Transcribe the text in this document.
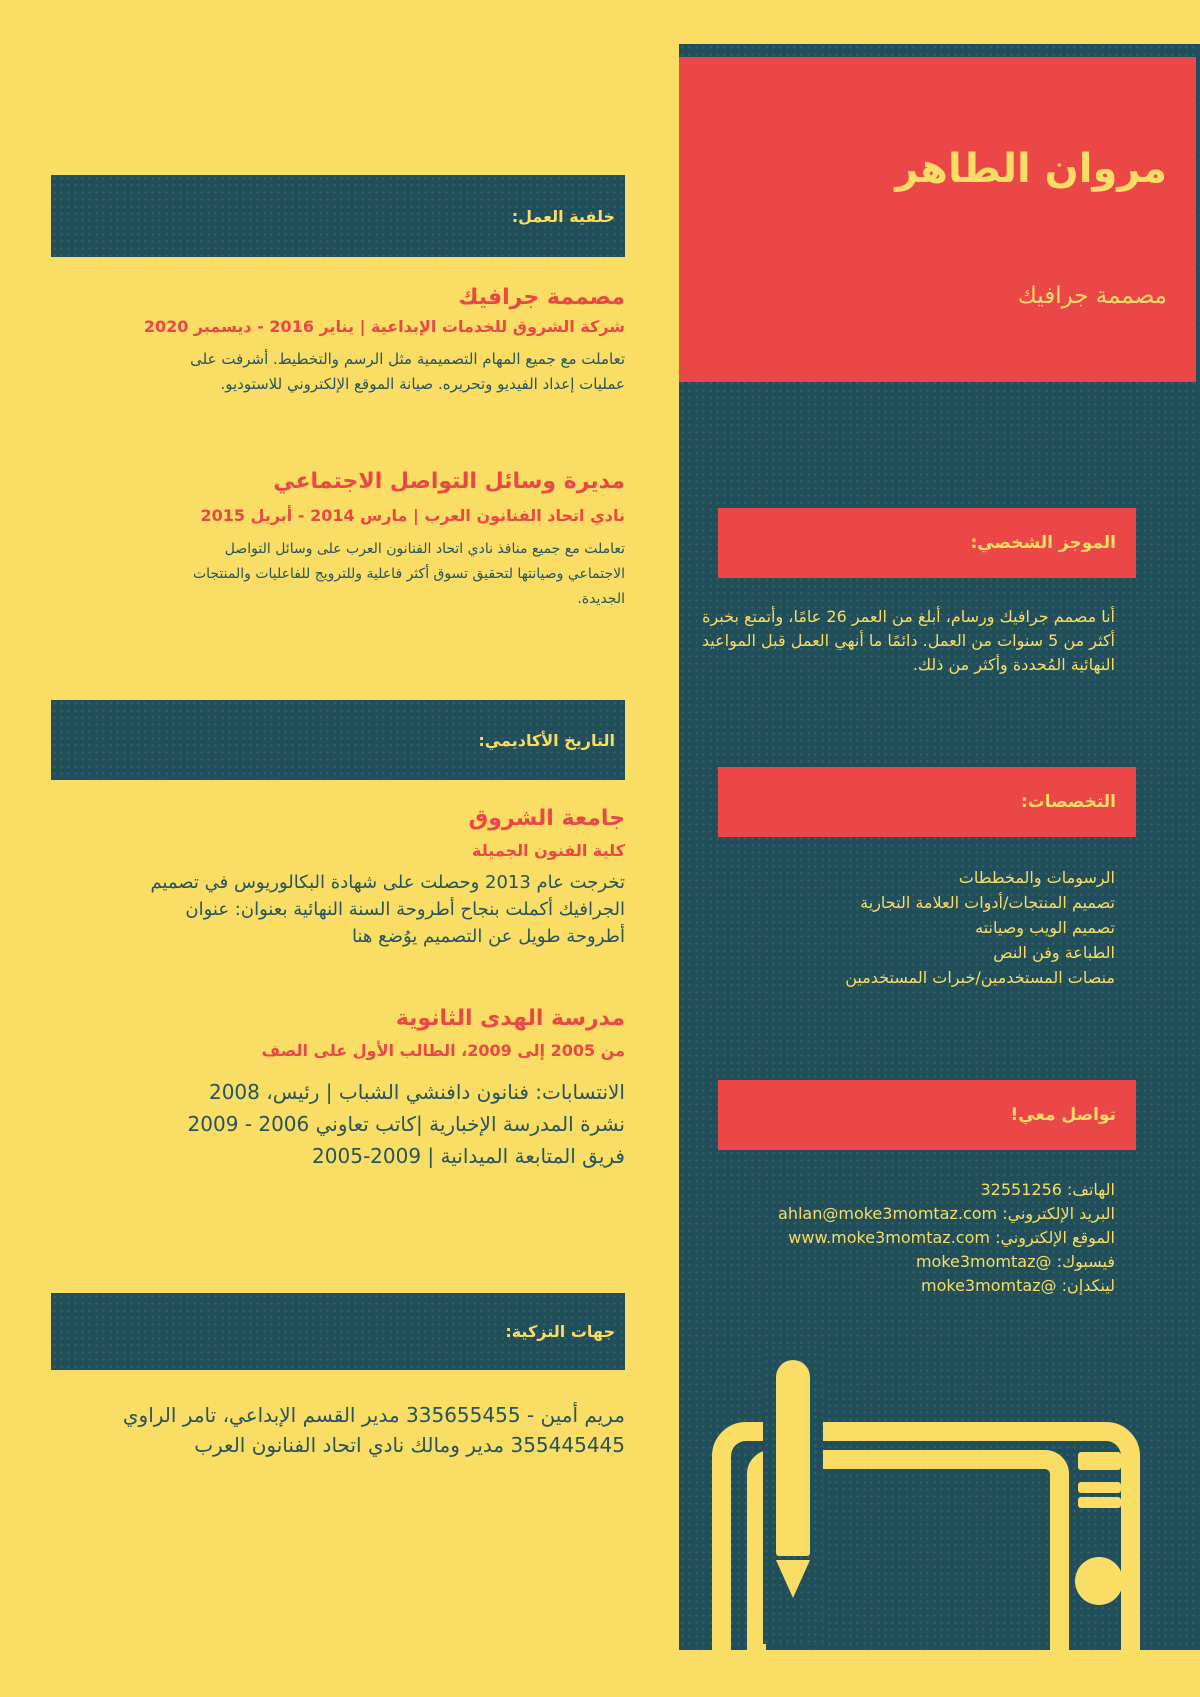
مروان الطاهر
مصممة جرافيك
الموجز الشخصي:
أنا مصمم جرافيك ورسام، أبلغ من العمر 26 عامًا، وأتمتع بخبرة
أكثر من 5 سنوات من العمل. دائمًا ما أنهي العمل قبل المواعيد
النهائية المُحددة وأكثر من ذلك.
التخصصات:
الرسومات والمخططات
تصميم المنتجات/أدوات العلامة التجارية
تصميم الويب وصيانته
الطباعة وفن النص
منصات المستخدمين/خبرات المستخدمين
تواصل معي!
الهاتف: 32551256
البريد الإلكتروني: ahlan@moke3momtaz.com
الموقع الإلكتروني: www.moke3momtaz.com
فيسبوك: @moke3momtaz
لينكدإن: @moke3momtaz
خلفية العمل:
مصممة جرافيك
شركة الشروق للخدمات الإبداعية | يناير 2016 - ديسمبر 2020
تعاملت مع جميع المهام التصميمية مثل الرسم والتخطيط. أشرفت على
عمليات إعداد الفيديو وتحريره. صيانة الموقع الإلكتروني للاستوديو.
مديرة وسائل التواصل الاجتماعي
نادي اتحاد الفنانون العرب | مارس 2014 - أبريل 2015
تعاملت مع جميع منافذ نادي اتحاد الفنانون العرب على وسائل التواصل
الاجتماعي وصيانتها لتحقيق تسوق أكثر فاعلية وللترويج للفاعليات والمنتجات
الجديدة.
التاريخ الأكاديمي:
جامعة الشروق
كلية الفنون الجميلة
تخرجت عام 2013 وحصلت على شهادة البكالوريوس في تصميم
الجرافيك أكملت بنجاح أطروحة السنة النهائية بعنوان: عنوان
أطروحة طويل عن التصميم يوُضع هنا
مدرسة الهدى الثانوية
من 2005 إلى 2009، الطالب الأول على الصف
الانتسابات: فنانون دافنشي الشباب | رئيس، 2008
نشرة المدرسة الإخبارية |كاتب تعاوني 2006 - 2009
فريق المتابعة الميدانية | 2009-2005
جهات التزكية:
مريم أمين - 335655455 مدير القسم الإبداعي، تامر الراوي
355445445 مدير ومالك نادي اتحاد الفنانون العرب
